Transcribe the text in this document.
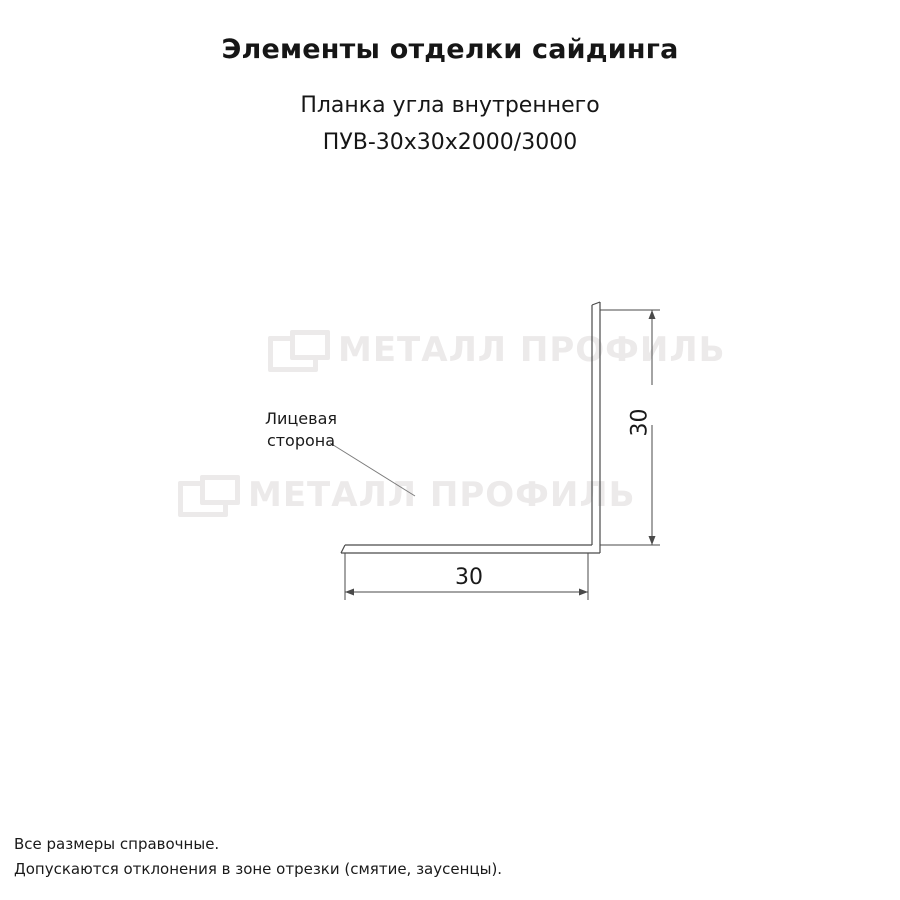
Элементы отделки сайдинга

Планка угла внутреннего

ПУВ-30x30x2000/3000

МЕТАЛЛ ПРОФИЛЬ
МЕТАЛЛ ПРОФИЛЬ
Лицевая
сторона
30
30
Все размеры справочные.
Допускаются отклонения в зоне отрезки (смятие, заусенцы).
